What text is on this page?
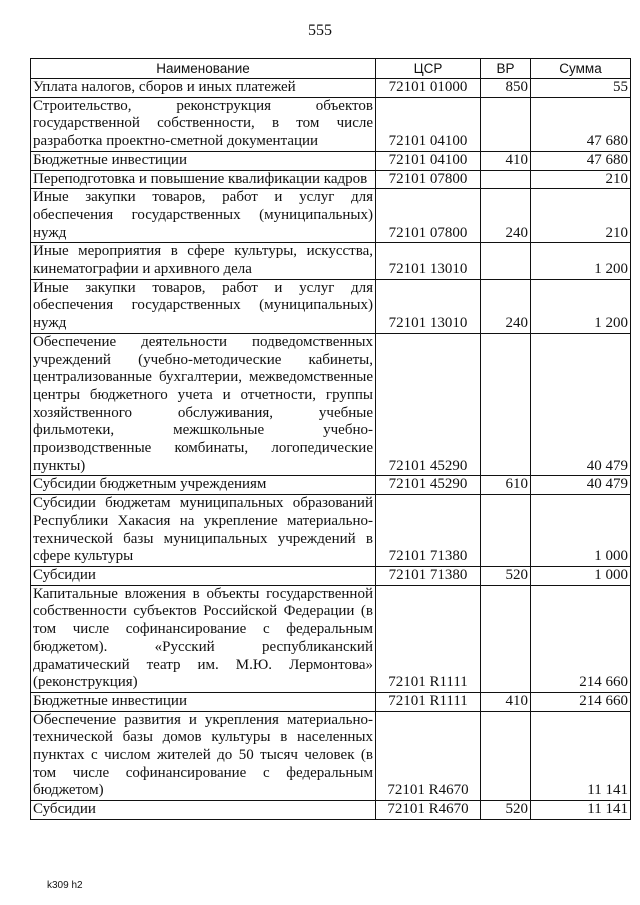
555
Наименование	ЦСР	ВР	Сумма
Уплата налогов, сборов и иных платежей	72101 01000	850	55
Строительство, реконструкция объектов государственной собственности, в том числе разработка проектно-сметной документации	72101 04100		47 680
Бюджетные инвестиции	72101 04100	410	47 680
Переподготовка и повышение квалификации кадров	72101 07800		210
Иные закупки товаров, работ и услуг для обеспечения государственных (муниципальных) нужд	72101 07800	240	210
Иные мероприятия в сфере культуры, искусства, кинематографии и архивного дела	72101 13010		1 200
Иные закупки товаров, работ и услуг для обеспечения государственных (муниципальных) нужд	72101 13010	240	1 200
Обеспечение деятельности подведомственных учреждений (учебно-методические кабинеты, централизованные бухгалтерии, межведомственные центры бюджетного учета и отчетности, группы хозяйственного обслуживания, учебные фильмотеки, межшкольные учебно-производственные комбинаты, логопедические пункты)	72101 45290		40 479
Субсидии бюджетным учреждениям	72101 45290	610	40 479
Субсидии бюджетам муниципальных образований Республики Хакасия на укрепление материально-технической базы муниципальных учреждений в сфере культуры	72101 71380		1 000
Субсидии	72101 71380	520	1 000
Капитальные вложения в объекты государственной собственности субъектов Российской Федерации (в том числе софинансирование с федеральным бюджетом). «Русский республиканский драматический театр им. М.Ю. Лермонтова» (реконструкция)	72101 R1111		214 660
Бюджетные инвестиции	72101 R1111	410	214 660
Обеспечение развития и укрепления материально-технической базы домов культуры в населенных пунктах с числом жителей до 50 тысяч человек (в том числе софинансирование с федеральным бюджетом)	72101 R4670		11 141
Субсидии	72101 R4670	520	11 141
k309 h2
